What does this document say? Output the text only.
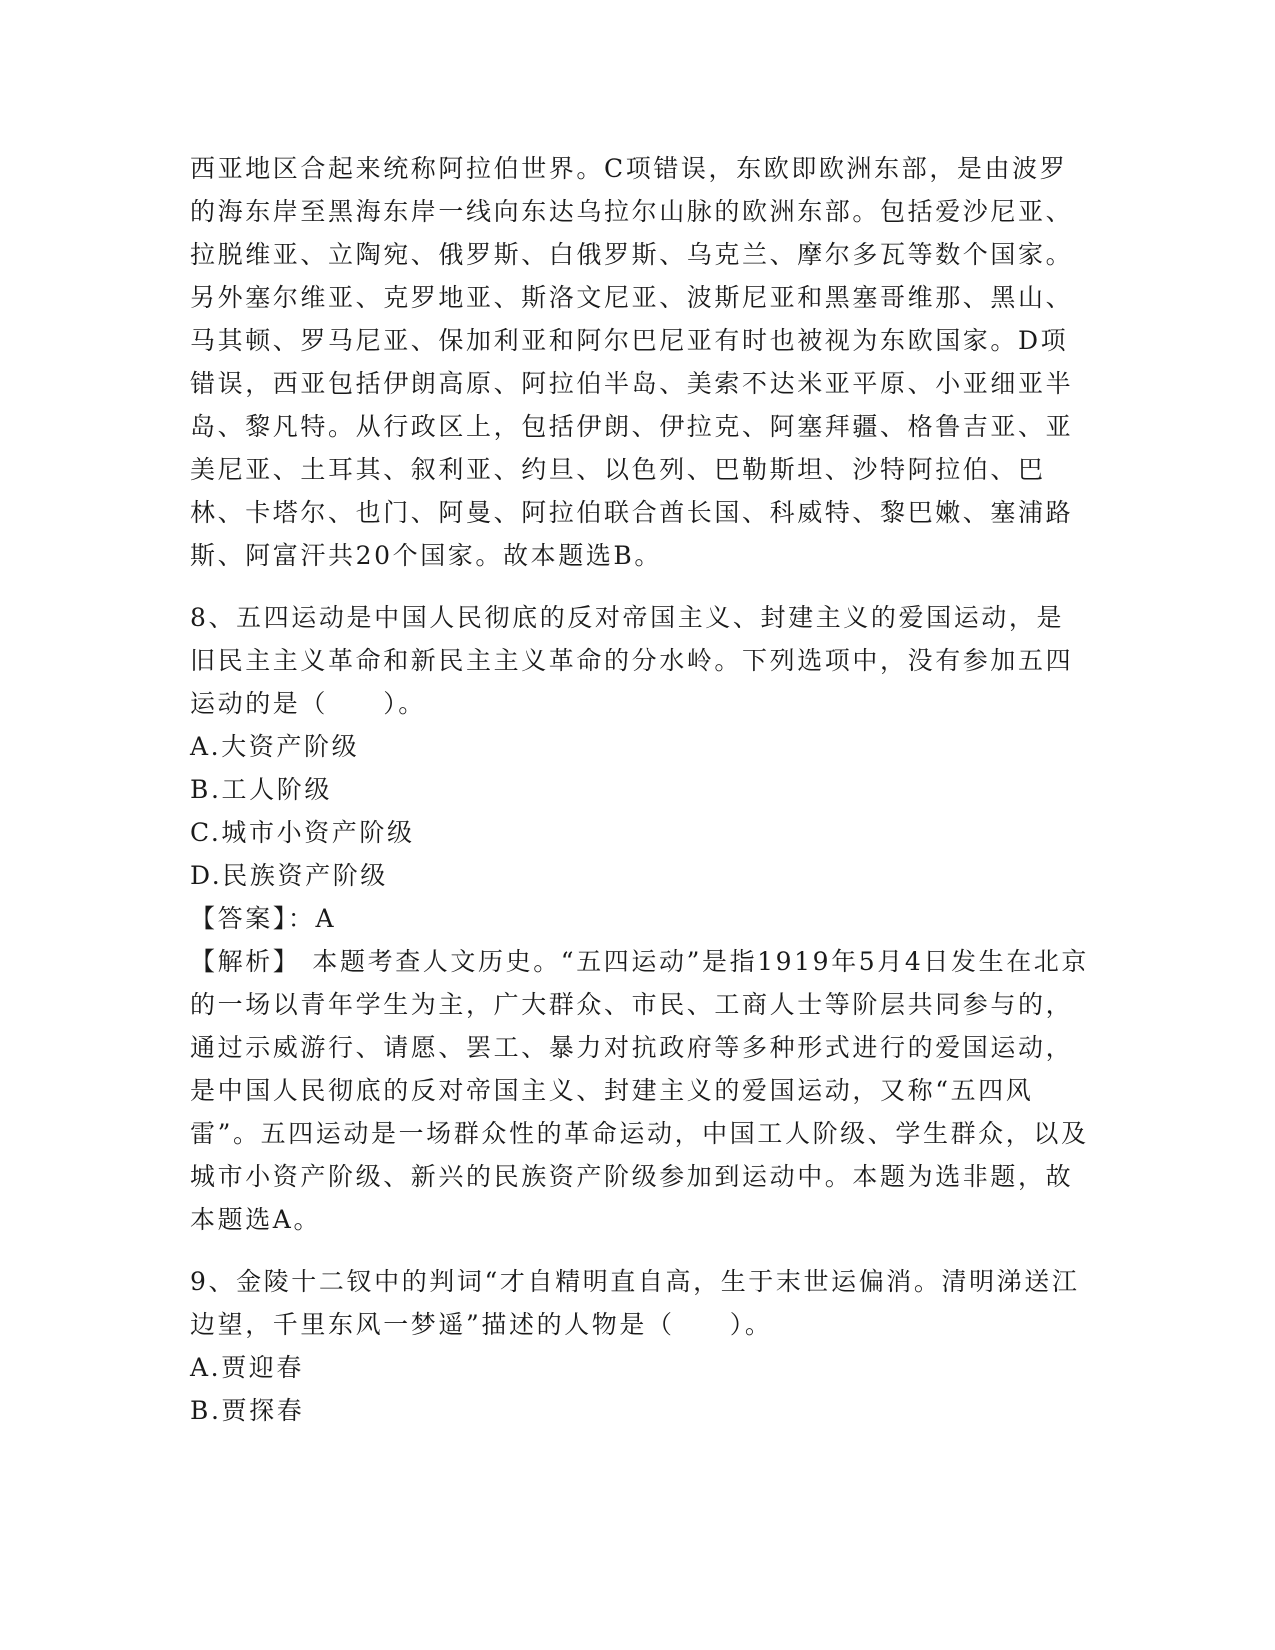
西亚地区合起来统称阿拉伯世界。C项错误，东欧即欧洲东部，是由波罗的海东岸至黑海东岸一线向东达乌拉尔山脉的欧洲东部。包括爱沙尼亚、拉脱维亚、立陶宛、俄罗斯、白俄罗斯、乌克兰、摩尔多瓦等数个国家。另外塞尔维亚、克罗地亚、斯洛文尼亚、波斯尼亚和黑塞哥维那、黑山、马其顿、罗马尼亚、保加利亚和阿尔巴尼亚有时也被视为东欧国家。D项错误，西亚包括伊朗高原、阿拉伯半岛、美索不达米亚平原、小亚细亚半岛、黎凡特。从行政区上，包括伊朗、伊拉克、阿塞拜疆、格鲁吉亚、亚美尼亚、土耳其、叙利亚、约旦、以色列、巴勒斯坦、沙特阿拉伯、巴林、卡塔尔、也门、阿曼、阿拉伯联合酋长国、科威特、黎巴嫩、塞浦路斯、阿富汗共20个国家。故本题选B。

8、五四运动是中国人民彻底的反对帝国主义、封建主义的爱国运动，是旧民主主义革命和新民主主义革命的分水岭。下列选项中，没有参加五四运动的是（　　）。

A.大资产阶级

B.工人阶级

C.城市小资产阶级

D.民族资产阶级

【答案】：A

【解析】 本题考查人文历史。“五四运动”是指1919年5月4日发生在北京的一场以青年学生为主，广大群众、市民、工商人士等阶层共同参与的，通过示威游行、请愿、罢工、暴力对抗政府等多种形式进行的爱国运动，是中国人民彻底的反对帝国主义、封建主义的爱国运动，又称“五四风雷”。五四运动是一场群众性的革命运动，中国工人阶级、学生群众，以及城市小资产阶级、新兴的民族资产阶级参加到运动中。本题为选非题，故本题选A。

9、金陵十二钗中的判词“才自精明直自高，生于末世运偏消。清明涕送江边望，千里东风一梦遥”描述的人物是（　　）。

A.贾迎春

B.贾探春
